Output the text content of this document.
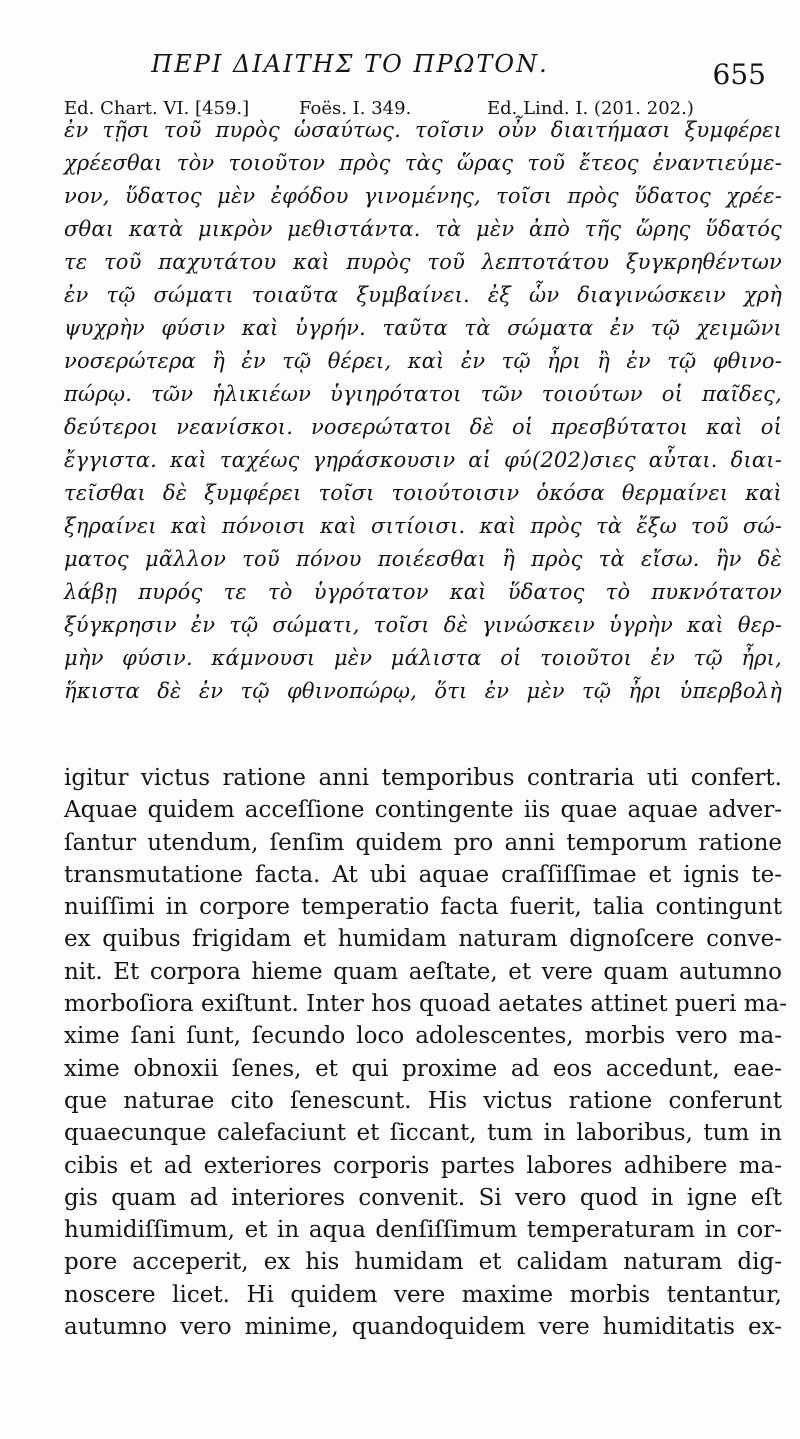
ΠΕΡΙ ΔΙΑΙΤΗΣ ΤΟ ΠΡΩΤΟΝ.	655
Ed. Chart. VI. [459.]	Foës. I. 349.	Ed. Lind. I. (201. 202.)
ἐν τῇσι τοῦ πυρὸς ὡσαύτως. τοῖσιν οὖν διαιτήμασι ξυμφέρει
χρέεσθαι τὸν τοιοῦτον πρὸς τὰς ὥρας τοῦ ἔτεος ἐναντιεύμε-
νον, ὕδατος μὲν ἐφόδου γινομένης, τοῖσι πρὸς ὕδατος χρέε-
σθαι κατὰ μικρὸν μεθιστάντα. τὰ μὲν ἀπὸ τῆς ὥρης ὕδατός
τε τοῦ παχυτάτου καὶ πυρὸς τοῦ λεπτοτάτου ξυγκρηθέντων
ἐν τῷ σώματι τοιαῦτα ξυμβαίνει. ἐξ ὧν διαγινώσκειν χρὴ
ψυχρὴν φύσιν καὶ ὑγρήν. ταῦτα τὰ σώματα ἐν τῷ χειμῶνι
νοσερώτερα ἢ ἐν τῷ θέρει, καὶ ἐν τῷ ἦρι ἢ ἐν τῷ φθινο-
πώρῳ. τῶν ἡλικιέων ὑγιηρότατοι τῶν τοιούτων οἱ παῖδες,
δεύτεροι νεανίσκοι. νοσερώτατοι δὲ οἱ πρεσβύτατοι καὶ οἱ
ἔγγιστα. καὶ ταχέως γηράσκουσιν αἱ φύ(202)σιες αὗται. διαι-
τεῖσθαι δὲ ξυμφέρει τοῖσι τοιούτοισιν ὁκόσα θερμαίνει καὶ
ξηραίνει καὶ πόνοισι καὶ σιτίοισι. καὶ πρὸς τὰ ἔξω τοῦ σώ-
ματος μᾶλλον τοῦ πόνου ποιέεσθαι ἢ πρὸς τὰ εἴσω. ἢν δὲ
λάβῃ πυρός τε τὸ ὑγρότατον καὶ ὕδατος τὸ πυκνότατον
ξύγκρησιν ἐν τῷ σώματι, τοῖσι δὲ γινώσκειν ὑγρὴν καὶ θερ-
μὴν φύσιν. κάμνουσι μὲν μάλιστα οἱ τοιοῦτοι ἐν τῷ ἦρι,
ἥκιστα δὲ ἐν τῷ φθινοπώρῳ, ὅτι ἐν μὲν τῷ ἦρι ὑπερβολὴ
igitur victus ratione anni temporibus contraria uti confert.
Aquae quidem acceſſione contingente iis quae aquae adver-
ſantur utendum, ſenſim quidem pro anni temporum ratione
transmutatione facta. At ubi aquae craſſiſſimae et ignis te-
nuiſſimi in corpore temperatio facta fuerit, talia contingunt
ex quibus frigidam et humidam naturam dignoſcere conve-
nit. Et corpora hieme quam aeſtate, et vere quam autumno
morboſiora exiſtunt. Inter hos quoad aetates attinet pueri ma-
xime ſani ſunt, ſecundo loco adolescentes, morbis vero ma-
xime obnoxii ſenes, et qui proxime ad eos accedunt, eae-
que naturae cito ſenescunt. His victus ratione conferunt
quaecunque calefaciunt et ſiccant, tum in laboribus, tum in
cibis et ad exteriores corporis partes labores adhibere ma-
gis quam ad interiores convenit. Si vero quod in igne eſt
humidiſſimum, et in aqua denſiſſimum temperaturam in cor-
pore acceperit, ex his humidam et calidam naturam dig-
noscere licet. Hi quidem vere maxime morbis tentantur,
autumno vero minime, quandoquidem vere humiditatis ex-
